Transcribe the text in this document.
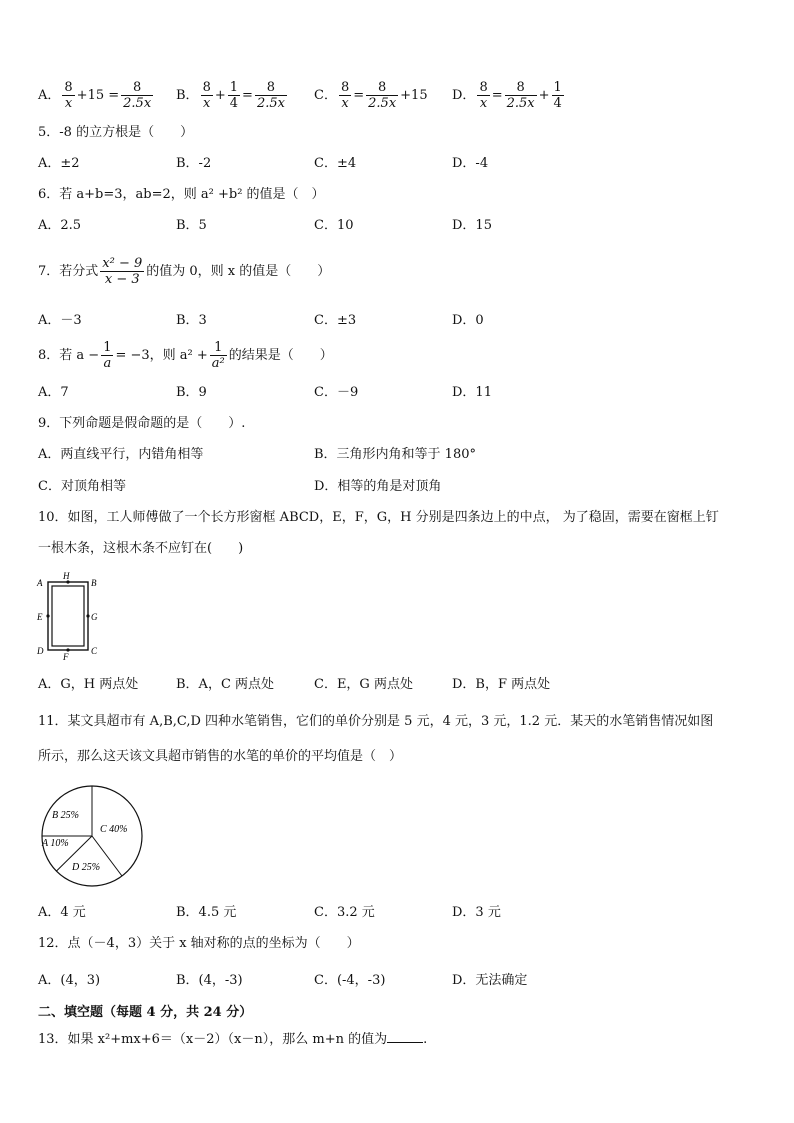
A． $\frac{8}{x} +15 = \frac{8}{2.5x}$ B． $\frac{8}{x} + \frac{1}{4} = \frac{8}{2.5x}$ C． $\frac{8}{x} = \frac{8}{2.5x} +15$ D． $\frac{8}{x} = \frac{8}{2.5x} + \frac{1}{4}$
5．-8 的立方根是（　　）
A．±2	B．-2	C．±4	D．-4
6．若 a+b=3，ab=2，则 a² +b² 的值是（　）
A．2.5	B．5	C．10	D．15
7．若分式 $\frac{\text{x² − 9}}{x - 3}$ 的值为 0，则 x 的值是（　　）
A．－3	B．3	C．±3	D．0
8．若 $a - \frac{1}{a} = -3$，则 $a^2 + \frac{1}{\text{a²}}$ 的结果是（　　）
A．7	B．9	C．－9	D．11
9．下列命题是假命题的是（　　）.
A．两直线平行，内错角相等	B．三角形内角和等于 180°
C．对顶角相等	D．相等的角是对顶角
10．如图，工人师傅做了一个长方形窗框 ABCD，E，F，G，H 分别是四条边上的中点， 为了稳固，需要在窗框上钉
一根木条，这根木条不应钉在(　　)
A
H
B
E	G
D
F
C
A．G，H 两点处	B．A，C 两点处	C．E，G 两点处	D．B，F 两点处
11．某文具超市有 A,B,C,D 四种水笔销售，它们的单价分别是 5 元，4 元，3 元，1.2 元．某天的水笔销售情况如图
所示，那么这天该文具超市销售的水笔的单价的平均值是（　）
B 25%
A 10%
C 40%
D 25%
A．4 元	B．4.5 元	C．3.2 元	D．3 元
12．点（－4，3）关于 x 轴对称的点的坐标为（　　）
A．(4，3)	B．(4，-3)	C．(-4，-3)	D．无法确定
二、填空题（每题 4 分，共 24 分）
13．如果 x²+mx+6＝（x－2）（x－n），那么 m+n 的值为	.
